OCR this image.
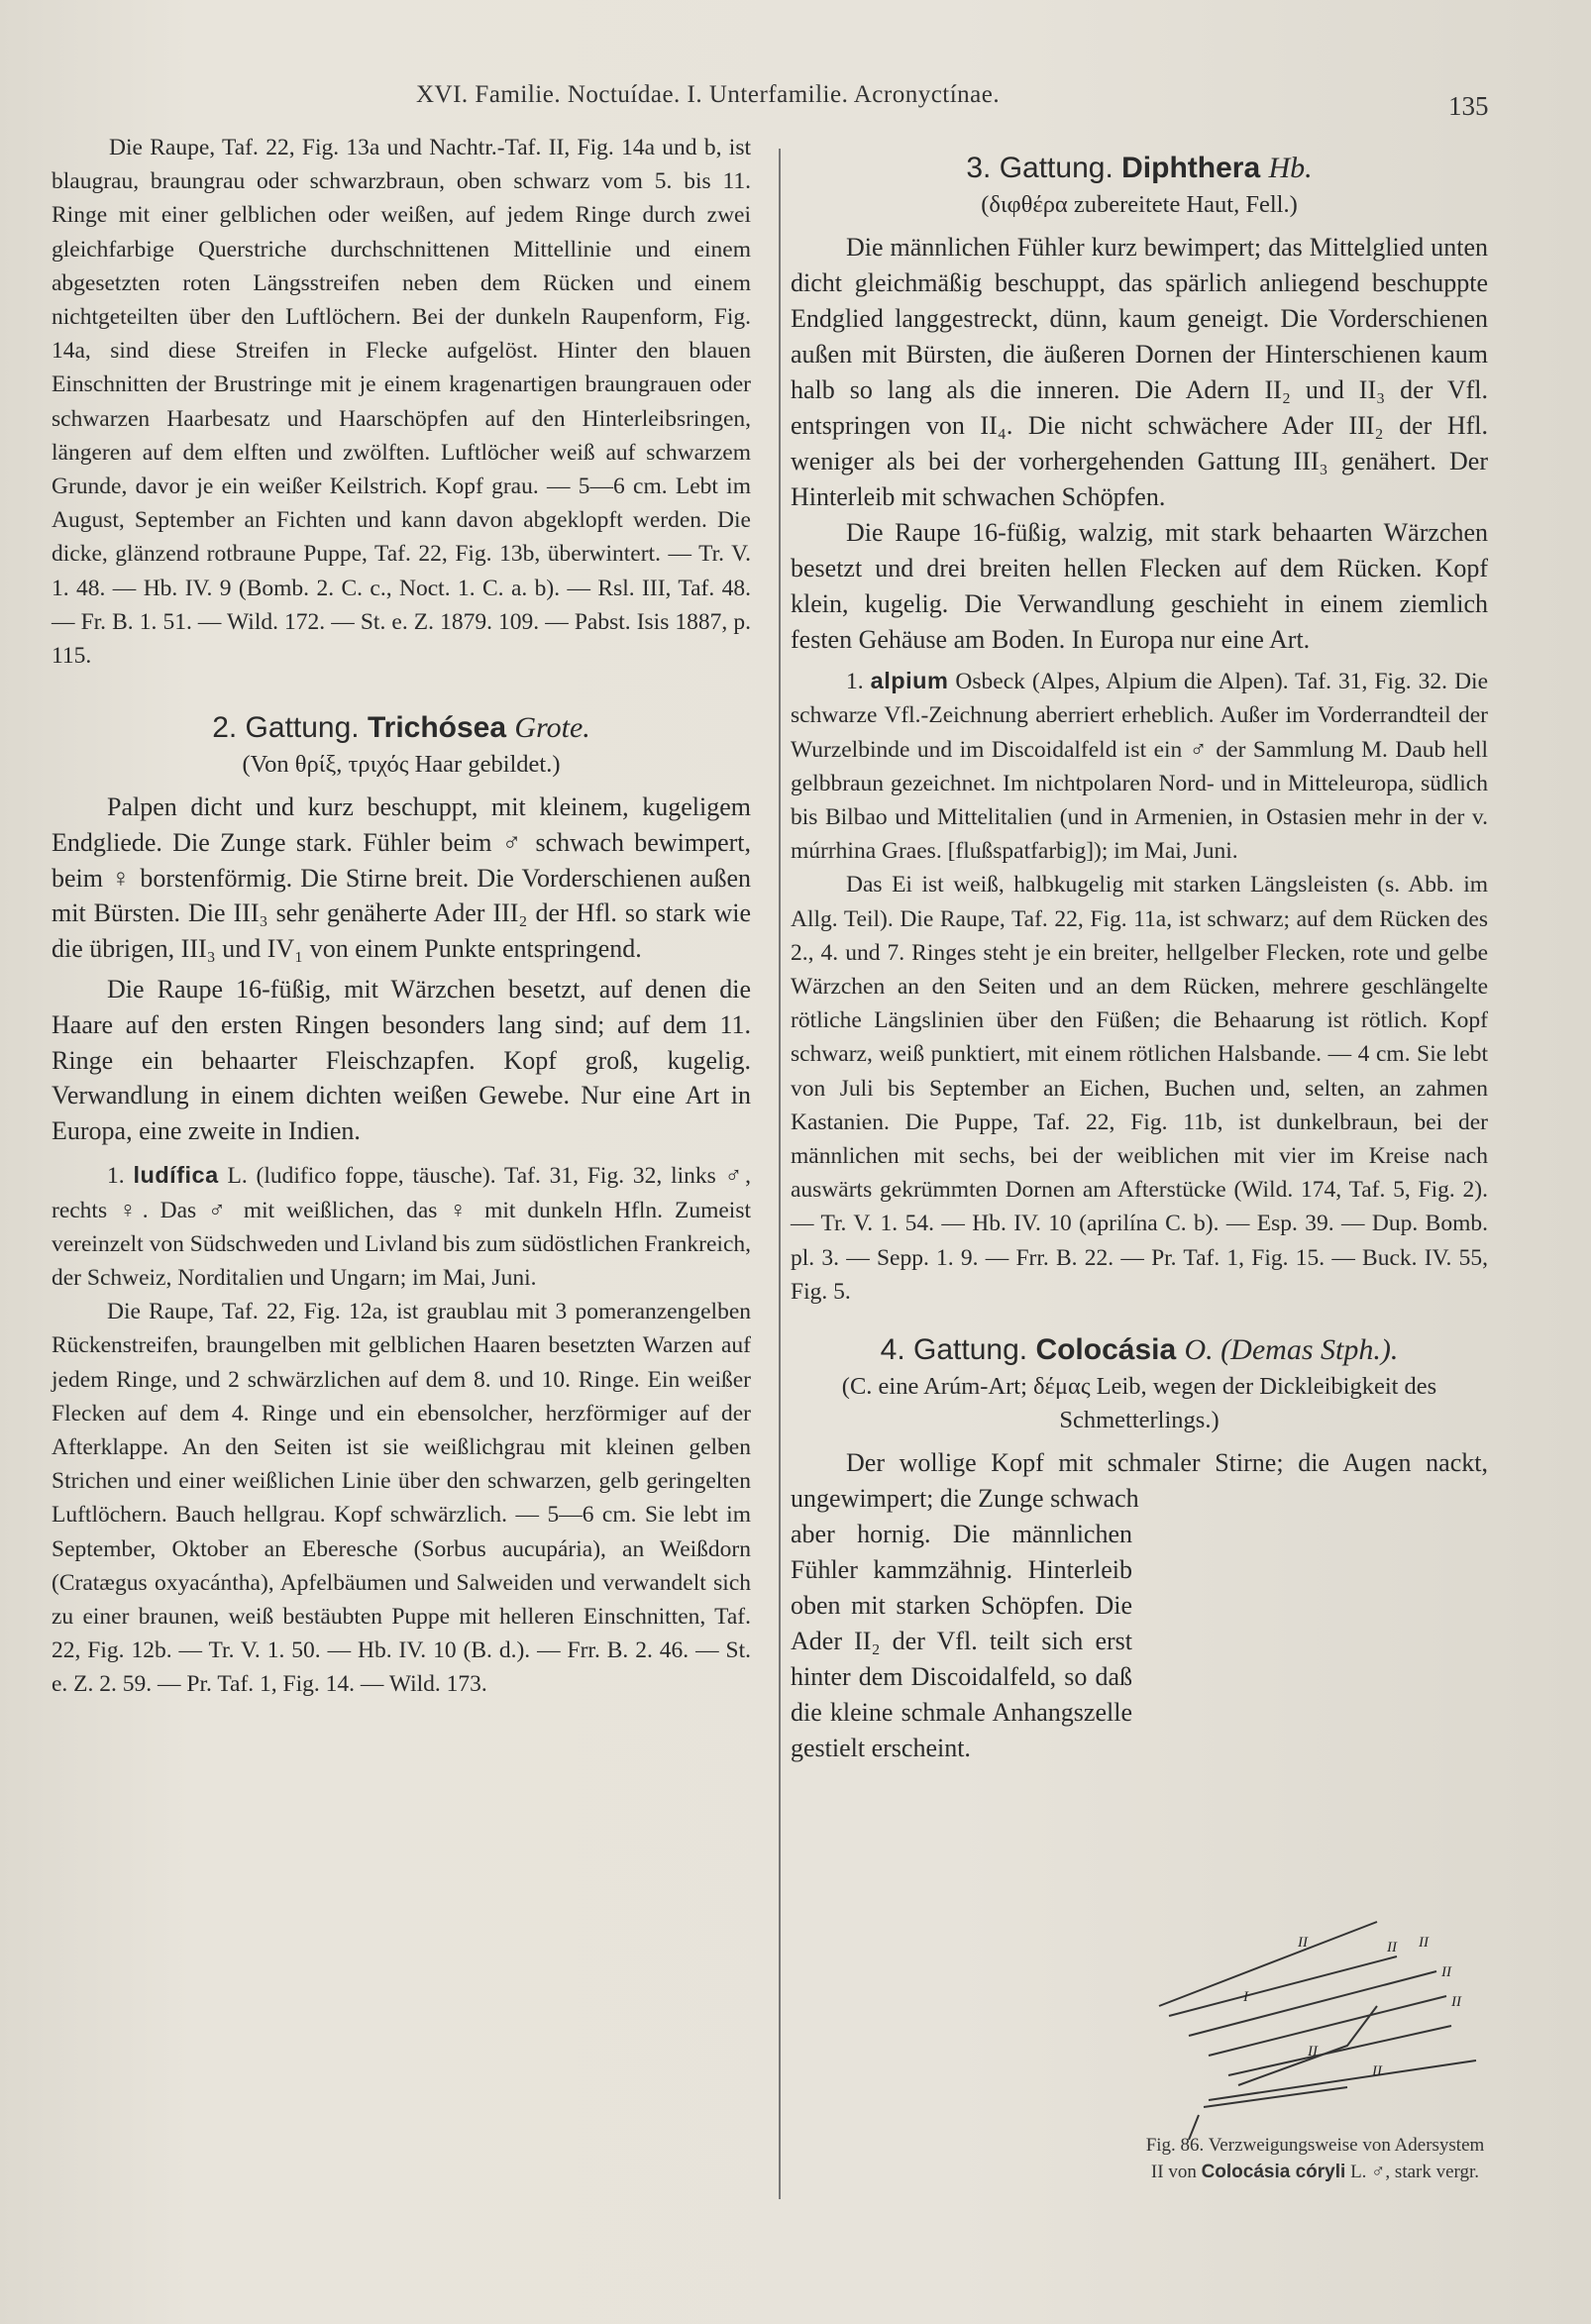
XVI. Familie. Noctuídae. I. Unterfamilie. Acronyctínae.	135

Die Raupe, Taf. 22, Fig. 13a und Nachtr.-Taf. II, Fig. 14a und b, ist blaugrau, braungrau oder schwarzbraun, oben schwarz vom 5. bis 11. Ringe mit einer gelblichen oder weißen, auf jedem Ringe durch zwei gleichfarbige Querstriche durchschnittenen Mittellinie und einem abgesetzten roten Längsstreifen neben dem Rücken und einem nichtgeteilten über den Luftlöchern. Bei der dunkeln Raupenform, Fig. 14a, sind diese Streifen in Flecke aufgelöst. Hinter den blauen Einschnitten der Brustringe mit je einem kragenartigen braungrauen oder schwarzen Haarbesatz und Haarschöpfen auf den Hinterleibsringen, längeren auf dem elften und zwölften. Luftlöcher weiß auf schwarzem Grunde, davor je ein weißer Keilstrich. Kopf grau. — 5—6 cm. Lebt im August, September an Fichten und kann davon abgeklopft werden. Die dicke, glänzend rotbraune Puppe, Taf. 22, Fig. 13b, überwintert. — Tr. V. 1. 48. — Hb. IV. 9 (Bomb. 2. C. c., Noct. 1. C. a. b). — Rsl. III, Taf. 48. — Fr. B. 1. 51. — Wild. 172. — St. e. Z. 1879. 109. — Pabst. Isis 1887, p. 115.

2. Gattung. Trichósea Grote.

(Von θρίξ, τριχός Haar gebildet.)

Palpen dicht und kurz beschuppt, mit kleinem, kugeligem Endgliede. Die Zunge stark. Fühler beim ♂ schwach bewimpert, beim ♀ borstenförmig. Die Stirne breit. Die Vorderschienen außen mit Bürsten. Die III₃ sehr genäherte Ader III₂ der Hfl. so stark wie die übrigen, III₃ und IV₁ von einem Punkte entspringend.

Die Raupe 16-füßig, mit Wärzchen besetzt, auf denen die Haare auf den ersten Ringen besonders lang sind; auf dem 11. Ringe ein behaarter Fleischzapfen. Kopf groß, kugelig. Verwandlung in einem dichten weißen Gewebe. Nur eine Art in Europa, eine zweite in Indien.

1. ludífica L. (ludifico foppe, täusche). Taf. 31, Fig. 32, links ♂, rechts ♀. Das ♂ mit weißlichen, das ♀ mit dunkeln Hfln. Zumeist vereinzelt von Südschweden und Livland bis zum südöstlichen Frankreich, der Schweiz, Norditalien und Ungarn; im Mai, Juni.

Die Raupe, Taf. 22, Fig. 12a, ist graublau mit 3 pomeranzengelben Rückenstreifen, braungelben mit gelblichen Haaren besetzten Warzen auf jedem Ringe, und 2 schwärzlichen auf dem 8. und 10. Ringe. Ein weißer Flecken auf dem 4. Ringe und ein ebensolcher, herzförmiger auf der Afterklappe. An den Seiten ist sie weißlichgrau mit kleinen gelben Strichen und einer weißlichen Linie über den schwarzen, gelb geringelten Luftlöchern. Bauch hellgrau. Kopf schwärzlich. — 5—6 cm. Sie lebt im September, Oktober an Eberesche (Sorbus aucupária), an Weißdorn (Cratægus oxyacántha), Apfelbäumen und Salweiden und verwandelt sich zu einer braunen, weiß bestäubten Puppe mit helleren Einschnitten, Taf. 22, Fig. 12b. — Tr. V. 1. 50. — Hb. IV. 10 (B. d.). — Frr. B. 2. 46. — St. e. Z. 2. 59. — Pr. Taf. 1, Fig. 14. — Wild. 173.

3. Gattung. Diphthera Hb.

(διφθέρα zubereitete Haut, Fell.)

Die männlichen Fühler kurz bewimpert; das Mittelglied unten dicht gleichmäßig beschuppt, das spärlich anliegend beschuppte Endglied langgestreckt, dünn, kaum geneigt. Die Vorderschienen außen mit Bürsten, die äußeren Dornen der Hinterschienen kaum halb so lang als die inneren. Die Adern II₂ und II₃ der Vfl. entspringen von II₄. Die nicht schwächere Ader III₂ der Hfl. weniger als bei der vorhergehenden Gattung III₃ genähert. Der Hinterleib mit schwachen Schöpfen.

Die Raupe 16-füßig, walzig, mit stark behaarten Wärzchen besetzt und drei breiten hellen Flecken auf dem Rücken. Kopf klein, kugelig. Die Verwandlung geschieht in einem ziemlich festen Gehäuse am Boden. In Europa nur eine Art.

1. alpium Osbeck (Alpes, Alpium die Alpen). Taf. 31, Fig. 32. Die schwarze Vfl.-Zeichnung aberriert erheblich. Außer im Vorderrandteil der Wurzelbinde und im Discoidalfeld ist ein ♂ der Sammlung M. Daub hell gelbbraun gezeichnet. Im nichtpolaren Nord- und in Mitteleuropa, südlich bis Bilbao und Mittelitalien (und in Armenien, in Ostasien mehr in der v. múrrhina Graes. [flußspatfarbig]); im Mai, Juni.

Das Ei ist weiß, halbkugelig mit starken Längsleisten (s. Abb. im Allg. Teil). Die Raupe, Taf. 22, Fig. 11a, ist schwarz; auf dem Rücken des 2., 4. und 7. Ringes steht je ein breiter, hellgelber Flecken, rote und gelbe Wärzchen an den Seiten und an dem Rücken, mehrere geschlängelte rötliche Längslinien über den Füßen; die Behaarung ist rötlich. Kopf schwarz, weiß punktiert, mit einem rötlichen Halsbande. — 4 cm. Sie lebt von Juli bis September an Eichen, Buchen und, selten, an zahmen Kastanien. Die Puppe, Taf. 22, Fig. 11b, ist dunkelbraun, bei der männlichen mit sechs, bei der weiblichen mit vier im Kreise nach auswärts gekrümmten Dornen am Afterstücke (Wild. 174, Taf. 5, Fig. 2). — Tr. V. 1. 54. — Hb. IV. 10 (aprilína C. b). — Esp. 39. — Dup. Bomb. pl. 3. — Sepp. 1. 9. — Frr. B. 22. — Pr. Taf. 1, Fig. 15. — Buck. IV. 55, Fig. 5.

4. Gattung. Colocásia O. (Demas Stph.).

(C. eine Arúm-Art; δέμας Leib, wegen der Dickleibigkeit des Schmetterlings.)

Der wollige Kopf mit schmaler Stirne; die Augen nackt, ungewimpert; die Zunge schwach

aber hornig. Die männlichen Fühler kammzähnig. Hinterleib oben mit starken Schöpfen. Die Ader II₂ der Vfl. teilt sich erst hinter dem Discoidalfeld, so daß die kleine schmale Anhangszelle gestielt erscheint.

II	II II
II
II
I
II
II
Fig. 86. Verzweigungsweise von Adersystem II von Colocásia córyli L. ♂, stark vergr.
